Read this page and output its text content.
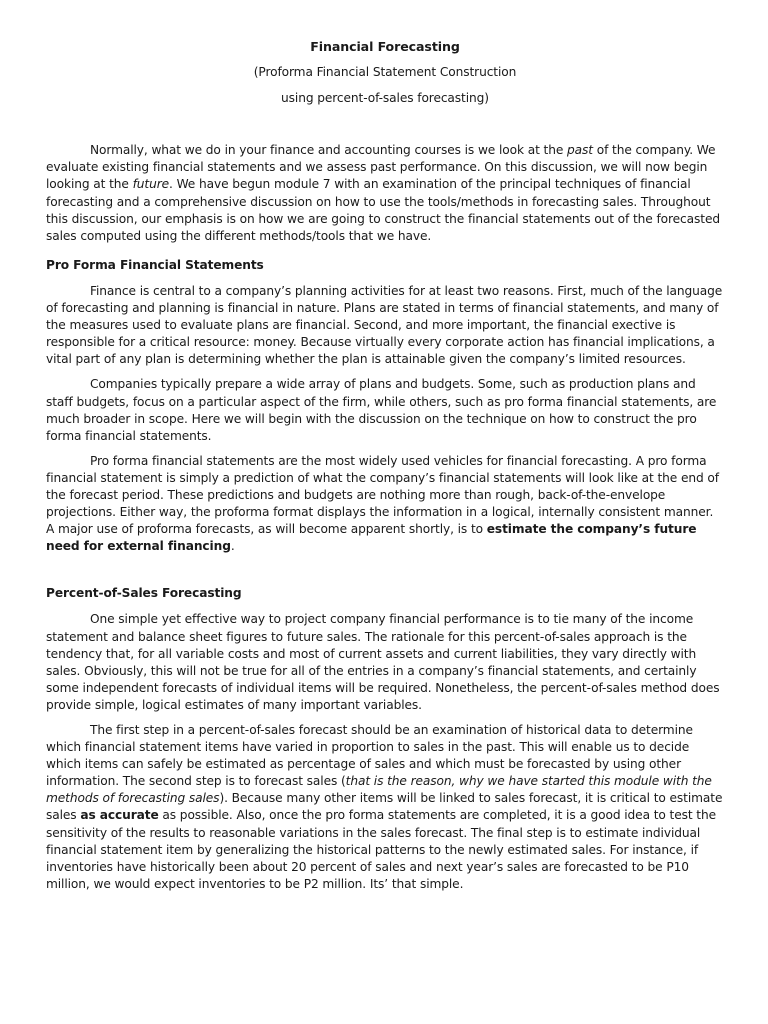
Financial Forecasting
(Proforma Financial Statement Construction
using percent-of-sales forecasting)

Normally, what we do in your finance and accounting courses is we look at the past of the company. We evaluate existing financial statements and we assess past performance. On this discussion, we will now begin looking at the future. We have begun module 7 with an examination of the principal techniques of financial forecasting and a comprehensive discussion on how to use the tools/methods in forecasting sales. Throughout this discussion, our emphasis is on how we are going to construct the financial statements out of the forecasted sales computed using the different methods/tools that we have.

Pro Forma Financial Statements

Finance is central to a company’s planning activities for at least two reasons. First, much of the language of forecasting and planning is financial in nature. Plans are stated in terms of financial statements, and many of the measures used to evaluate plans are financial. Second, and more important, the financial exective is responsible for a critical resource: money. Because virtually every corporate action has financial implications, a vital part of any plan is determining whether the plan is attainable given the company’s limited resources.

Companies typically prepare a wide array of plans and budgets. Some, such as production plans and staff budgets, focus on a particular aspect of the firm, while others, such as pro forma financial statements, are much broader in scope. Here we will begin with the discussion on the technique on how to construct the pro forma financial statements.

Pro forma financial statements are the most widely used vehicles for financial forecasting. A pro forma financial statement is simply a prediction of what the company’s financial statements will look like at the end of the forecast period. These predictions and budgets are nothing more than rough, back-of-the-envelope projections. Either way, the proforma format displays the information in a logical, internally consistent manner. A major use of proforma forecasts, as will become apparent shortly, is to estimate the company’s future need for external financing.

Percent-of-Sales Forecasting

One simple yet effective way to project company financial performance is to tie many of the income statement and balance sheet figures to future sales. The rationale for this percent-of-sales approach is the tendency that, for all variable costs and most of current assets and current liabilities, they vary directly with sales. Obviously, this will not be true for all of the entries in a company’s financial statements, and certainly some independent forecasts of individual items will be required. Nonetheless, the percent-of-sales method does provide simple, logical estimates of many important variables.

The first step in a percent-of-sales forecast should be an examination of historical data to determine which financial statement items have varied in proportion to sales in the past. This will enable us to decide which items can safely be estimated as percentage of sales and which must be forecasted by using other information. The second step is to forecast sales (that is the reason, why we have started this module with the methods of forecasting sales). Because many other items will be linked to sales forecast, it is critical to estimate sales as accurate as possible. Also, once the pro forma statements are completed, it is a good idea to test the sensitivity of the results to reasonable variations in the sales forecast. The final step is to estimate individual financial statement item by generalizing the historical patterns to the newly estimated sales. For instance, if inventories have historically been about 20 percent of sales and next year’s sales are forecasted to be P10 million, we would expect inventories to be P2 million. Its’ that simple.
